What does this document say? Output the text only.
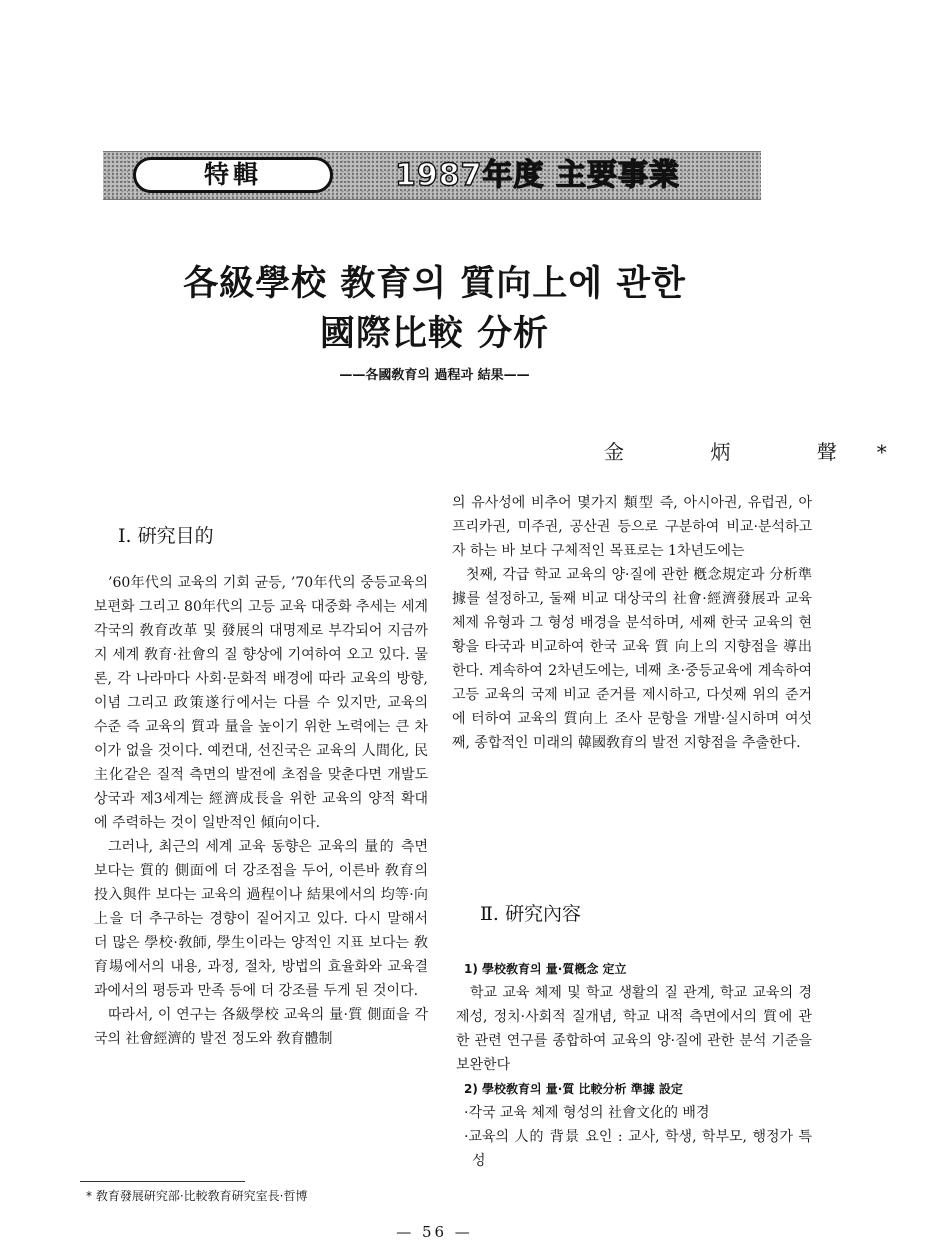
特輯	1987年度 主要事業
各級學校 教育의 質向上에 관한
國際比較 分析
——各國敎育의 過程과 結果——
金 炳 聲*
Ⅰ. 硏究目的

’60年代의 교육의 기회 균등, ’70年代의 중등교육의 보편화 그리고 80年代의 고등 교육 대중화 추세는 세계 각국의 敎育改革 및 發展의 대명제로 부각되어 지금까지 세계 敎育·社會의 질 향상에 기여하여 오고 있다. 물론, 각 나라마다 사회·문화적 배경에 따라 교육의 방향, 이념 그리고 政策遂行에서는 다를 수 있지만, 교육의 수준 즉 교육의 質과 量을 높이기 위한 노력에는 큰 차이가 없을 것이다. 예컨대, 선진국은 교육의 人間化, 民主化같은 질적 측면의 발전에 초점을 맞춘다면 개발도상국과 제3세계는 經濟成長을 위한 교육의 양적 확대에 주력하는 것이 일반적인 傾向이다.

그러나, 최근의 세계 교육 동향은 교육의 量的 측면 보다는 質的 側面에 더 강조점을 두어, 이른바 敎育의 投入與件 보다는 교육의 過程이나 結果에서의 均等·向上을 더 추구하는 경향이 짙어지고 있다. 다시 말해서 더 많은 學校·敎師, 學生이라는 양적인 지표 보다는 敎育場에서의 내용, 과정, 절차, 방법의 효율화와 교육결과에서의 평등과 만족 등에 더 강조를 두게 된 것이다.

따라서, 이 연구는 各級學校 교육의 量·質 側面을 각국의 社會經濟的 발전 정도와 敎育體制

의 유사성에 비추어 몇가지 類型 즉, 아시아권, 유럽권, 아프리카권, 미주권, 공산권 등으로 구분하여 비교·분석하고자 하는 바 보다 구체적인 목표로는 1차년도에는

첫째, 각급 학교 교육의 양·질에 관한 槪念規定과 分析準據를 설정하고, 둘째 비교 대상국의 社會·經濟發展과 교육 체제 유형과 그 형성 배경을 분석하며, 세째 한국 교육의 현황을 타국과 비교하여 한국 교육 質 向上의 지향점을 導出한다. 계속하여 2차년도에는, 네째 초·중등교육에 계속하여 고등 교육의 국제 비교 준거를 제시하고, 다섯째 위의 준거에 터하여 교육의 質向上 조사 문항을 개발·실시하며 여섯째, 종합적인 미래의 韓國敎育의 발전 지향점을 추출한다.

Ⅱ. 硏究內容

1) 學校敎育의 量·質槪念 定立

학교 교육 체제 및 학교 생활의 질 관계, 학교 교육의 경제성, 정치·사회적 질개념, 학교 내적 측면에서의 質에 관한 관련 연구를 종합하여 교육의 양·질에 관한 분석 기준을 보완한다

2) 學校敎育의 量·質 比較分析 準據 設定

·각국 교육 체제 형성의 社會文化的 배경

·교육의 人的 背景 요인 : 교사, 학생, 학부모, 행정가 특성

* 敎育發展硏究部·比較敎育硏究室長·哲博
— 56 —
